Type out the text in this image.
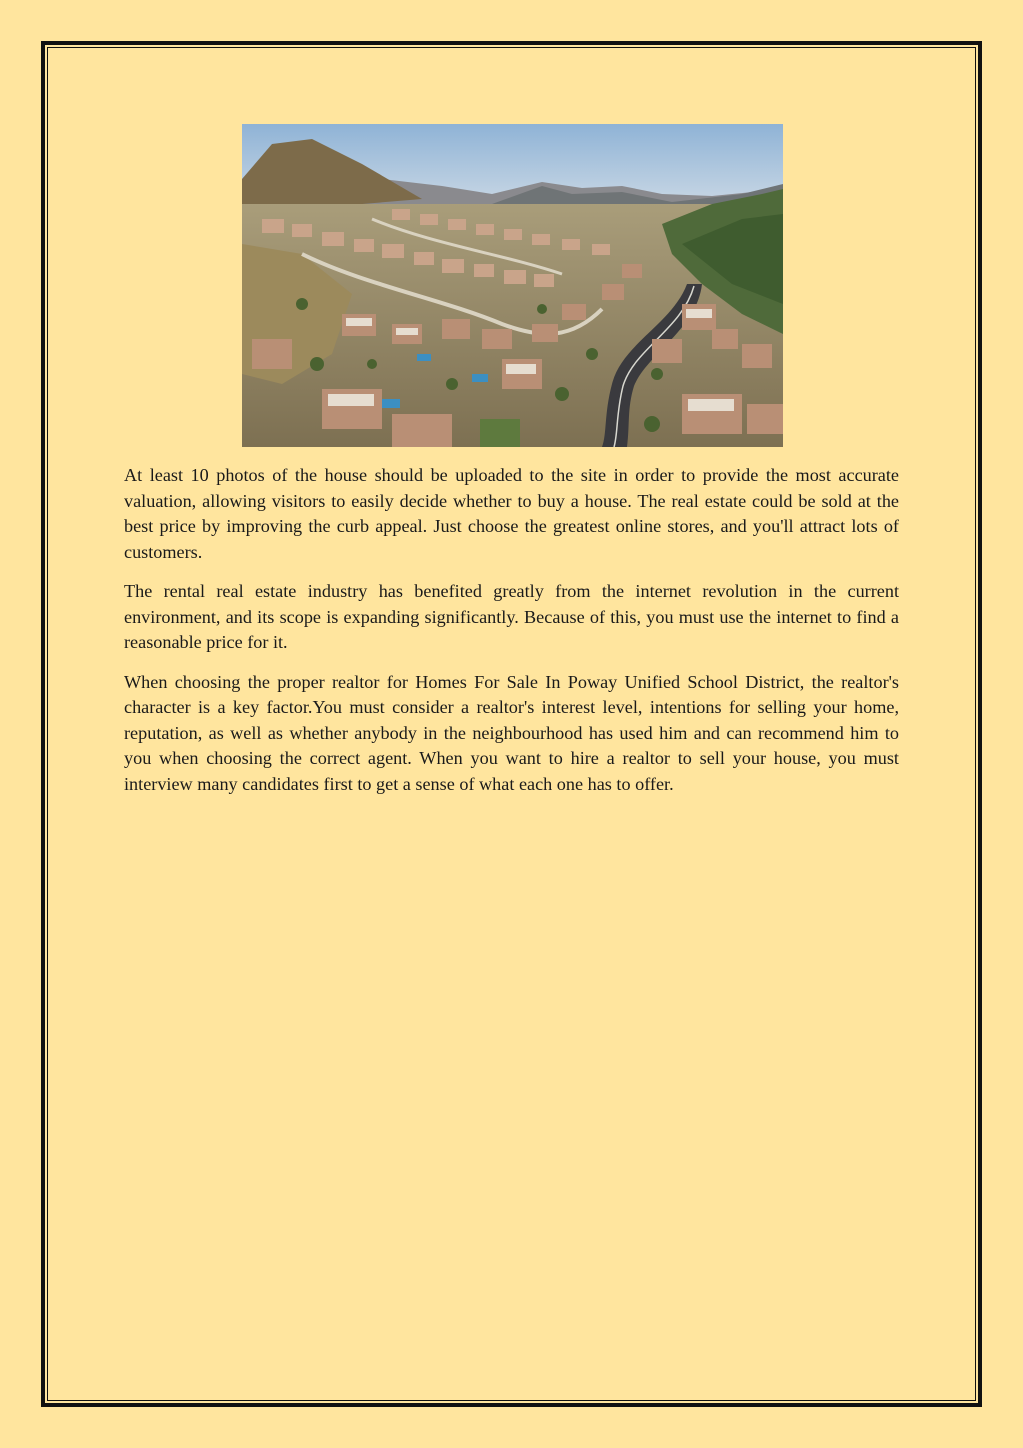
At least 10 photos of the house should be uploaded to the site in order to provide the most accurate valuation, allowing visitors to easily decide whether to buy a house. The real estate could be sold at the best price by improving the curb appeal. Just choose the greatest online stores, and you'll attract lots of customers.

The rental real estate industry has benefited greatly from the internet revolution in the current environment, and its scope is expanding significantly. Because of this, you must use the internet to find a reasonable price for it.

When choosing the proper realtor for Homes For Sale In Poway Unified School District, the realtor's character is a key factor.You must consider a realtor's interest level, intentions for selling your home, reputation, as well as whether anybody in the neighbourhood has used him and can recommend him to you when choosing the correct agent. When you want to hire a realtor to sell your house, you must interview many candidates first to get a sense of what each one has to offer.
